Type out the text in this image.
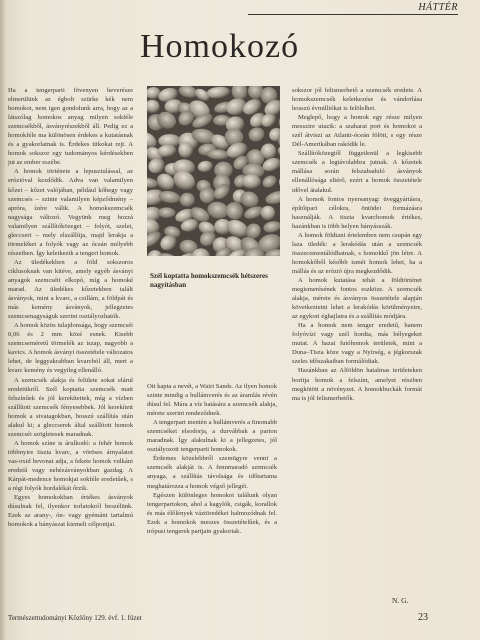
HÁTTÉR
Homokozó

Ha a tengerparti fövenyen heverésze elmerülünk az égbolt szürke kék nem homokot, nem igen gondolunk arra, hogy az a látszólag homokos anyag milyen sokféle szemcsékből, ásványrészekből áll. Pedig ez a homokféle ma különösen érdekes a kutatásnak és a gyakorlatnak is. Érdekes titkokat rejt. A homok sokszor egy tudományos kérdésekben jut az ember eszébe.

A homok története a lepusztulással, az erózióval kezdődik. Adva van valamilyen kőzet – kőzet valójában, például kőhegy vagy szemcsés – szinte valamilyen képződmény – apróra, ízére válik. A homokszemcsék nagysága változó. Vegyünk meg hozzá valamilyen szállítóközeget – folyót, szelet, gleccsert – mely elszállítja, majd lerakja a törmeléket a folyók vagy az óceán mélyebb részeiben. Így keletkezik a tengeri homok.

Az üledékekben a föld sokszoros ciklusoknak van kitéve, amely egyéb ásványi anyagok szemcséit elkopó, míg a homoké marad. Az üledékes kőzetekben talált ásványok, mint a kvarc, a csillám, a földpát és más kemény ásványok, jellegzetes szemcsenagyságuk szerint osztályozhatók.

A homok közös tulajdonsága, hogy szemcséi 0,06 és 2 mm közé esnek. Kisebb szemcseméretű törmelék az iszap, nagyobb a kavics. A homok ásványi összetétele változatos lehet, de leggyakrabban kvarcból áll, mert a kvarc kemény és vegyileg ellenálló.

A szemcsék alakja és felülete sokat elárul eredetükről. Szél koptatta szemcsék matt felszínűek és jól kerekítettek, míg a vízben szállított szemcsék fényesebbek. Jól kerekített homok a sivatagokban, hosszú szállítás után alakul ki; a gleccserek által szállított homok szemcséi szögletesek maradnak.

A homok színe is árulkodó: a fehér homok többnyire tiszta kvarc, a vöröses árnyalatot vas-oxid bevonat adja, a fekete homok vulkáni eredetű vagy nehézásványokban gazdag. A Kárpát-medence homokjai sokféle eredetűek, s a régi folyók hordalékát őrzik.

Egyes homokokban értékes ásványok dúsulnak fel, ilyenkor torlatokról beszélünk. Ezek az arany-, ón- vagy gyémánt tartalmú homokok a bányászat kiemelt célpontjai.

Szél koptatta homokszemcsék hétszeres nagyításban

Ott kapta a nevét, a Wairi Sands. Az ilyen homok szinte mindig a hullámverés és az áramlás révén dúsul fel. Mára a víz hatására a szemcsék alakja, mérete szerint rendeződnek.

A tengerpart mentén a hullámverés a finomabb szemcséket elsodorja, a durvábbak a parton maradnak. Így alakulnak ki a jellegzetes, jól osztályozott tengerparti homokok.

Érdemes közelebbről szemügyre venni a szemcsék alakját is. A fennmaradó szemcsék anyaga, a szállítás távolsága és időtartama meghatározza a homok végső jellegét.

Egészen különleges homokot találunk olyan tengerpartokon, ahol a kagylók, csigák, korallok és más élőlények váztöredékei halmozódnak fel. Ezek a homokok meszes összetételűek, és a trópusi tengerek partjain gyakoriak.

sokszor jól felismerhető a szemcsék eredete. A homokszemcsék keletkezése és vándorlása hosszú évmilliókat is felölelhet.

Meglepő, hogy a homok egy része milyen messzire utazik: a szaharai port és homokot a szél átviszi az Atlanti-óceán fölött, s egy része Dél-Amerikában rakódik le.

Szállítóközegtől függetlenül a legkisebb szemcsék a legtávolabbra jutnak. A kőzetek mállása során felszabaduló ásványok ellenállósága eltérő, ezért a homok összetétele idővel átalakul.

A homok fontos nyersanyag: üveggyártásra, építőipari célokra, öntödei formázásra használják. A tiszta kvarchomok értékes, hazánkban is több helyen bányásszák.

A homok földtani értelemben nem csupán egy laza üledék: a lerakódás után a szemcsék összecementálódhatnak, s homokkő jön létre. A homokkőből később ismét homok lehet, ha a mállás és az erózió újra megkezdődik.

A homok kutatása tehát a földtörténet megismerésének fontos eszköze. A szemcsék alakja, mérete és ásványos összetétele alapján következtetni lehet a lerakódás körülményeire, az egykori éghajlatra és a szállítás módjára.

Ha a homok nem tenger eredetű, hanem folyóvízi vagy szél hordta, más bélyegeket mutat. A hazai futóhomok területek, mint a Duna–Tisza köze vagy a Nyírség, a jégkorszak szeles időszakaiban formálódtak.

Hazánkban az Alföldön hatalmas területeken borítja homok a felszínt, amelyet részben megkötött a növényzet. A homokbuckák formái ma is jól felismerhetők.

N. G.
Természettudományi Közlöny 129. évf. 1. füzet	23
